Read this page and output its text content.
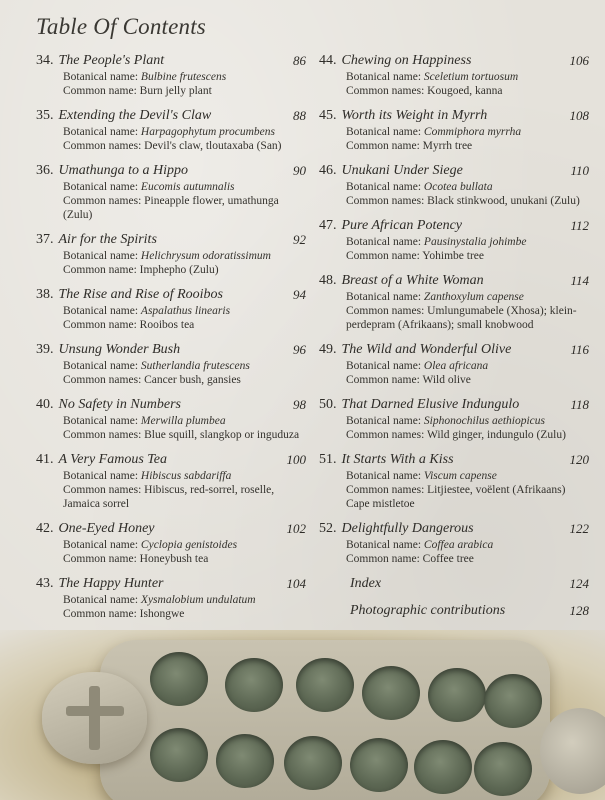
Table Of Contents
34. The People's Plant	86
Botanical name: Bulbine frutescens
Common name: Burn jelly plant
35. Extending the Devil's Claw	88
Botanical name: Harpagophytum procumbens
Common names: Devil's claw, tloutaxaba (San)
36. Umathunga to a Hippo	90
Botanical name: Eucomis autumnalis
Common names: Pineapple flower, umathunga (Zulu)
37. Air for the Spirits	92
Botanical name: Helichrysum odoratissimum
Common name: Imphepho (Zulu)
38. The Rise and Rise of Rooibos	94
Botanical name: Aspalathus linearis
Common name: Rooibos tea
39. Unsung Wonder Bush	96
Botanical name: Sutherlandia frutescens
Common names: Cancer bush, gansies
40. No Safety in Numbers	98
Botanical name: Merwilla plumbea
Common names: Blue squill, slangkop or inguduza
41. A Very Famous Tea	100
Botanical name: Hibiscus sabdariffa
Common names: Hibiscus, red-sorrel, roselle, Jamaica sorrel
42. One-Eyed Honey	102
Botanical name: Cyclopia genistoides
Common name: Honeybush tea
43. The Happy Hunter	104
Botanical name: Xysmalobium undulatum
Common name: Ishongwe
44. Chewing on Happiness	106
Botanical name: Sceletium tortuosum
Common names: Kougoed, kanna
45. Worth its Weight in Myrrh	108
Botanical name: Commiphora myrrha
Common name: Myrrh tree
46. Unukani Under Siege	110
Botanical name: Ocotea bullata
Common names: Black stinkwood, unukani (Zulu)
47. Pure African Potency	112
Botanical name: Pausinystalia johimbe
Common name: Yohimbe tree
48. Breast of a White Woman	114
Botanical name: Zanthoxylum capense
Common names: Umlungumabele (Xhosa); klein-perdepram (Afrikaans); small knobwood
49. The Wild and Wonderful Olive	116
Botanical name: Olea africana
Common name: Wild olive
50. That Darned Elusive Indungulo	118
Botanical name: Siphonochilus aethiopicus
Common names: Wild ginger, indungulo (Zulu)
51. It Starts With a Kiss	120
Botanical name: Viscum capense
Common names: Litjiestee, voëlent (Afrikaans) Cape mistletoe
52. Delightfully Dangerous	122
Botanical name: Coffea arabica
Common name: Coffee tree
Index	124
Photographic contributions	128
